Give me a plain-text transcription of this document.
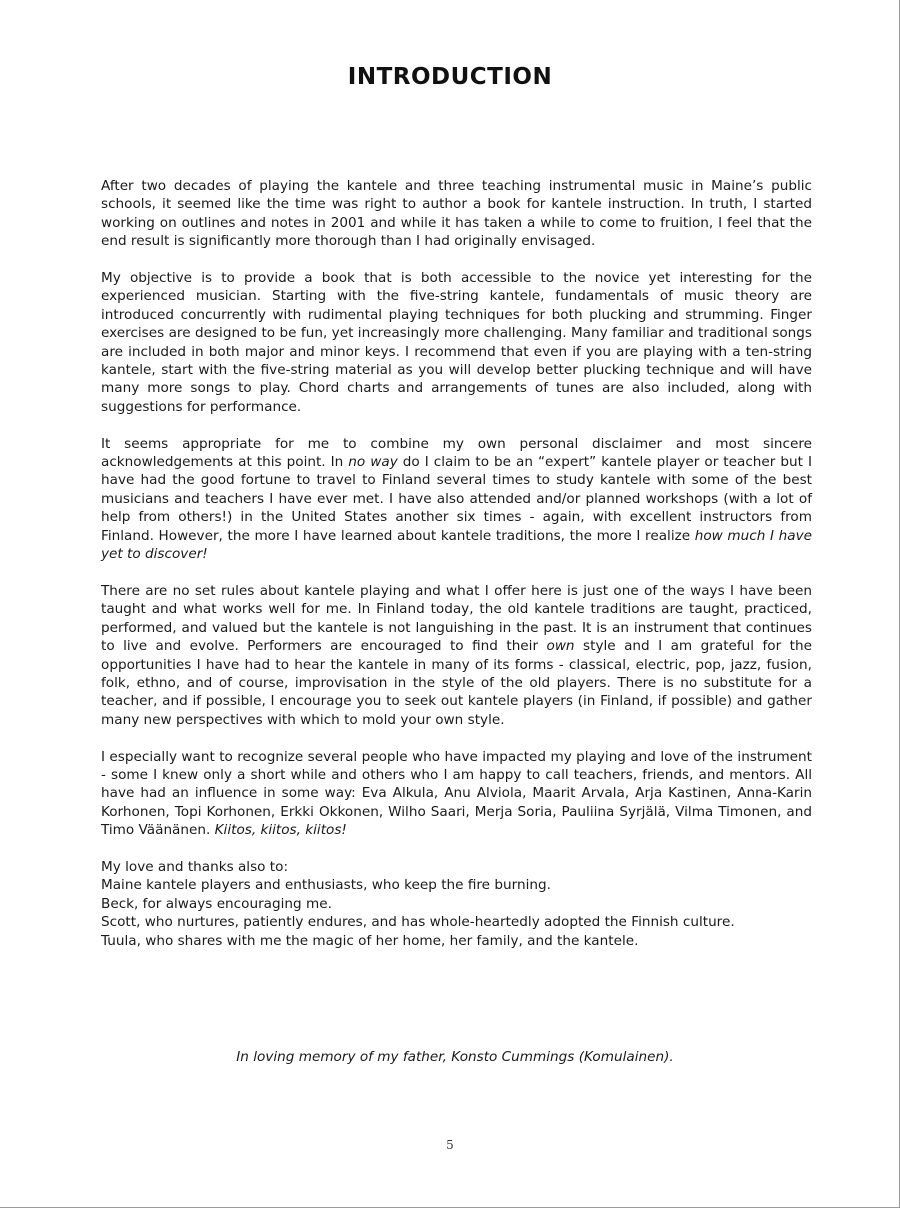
INTRODUCTION

After two decades of playing the kantele and three teaching instrumental music in Maine’s public schools, it seemed like the time was right to author a book for kantele instruction. In truth, I started working on outlines and notes in 2001 and while it has taken a while to come to fruition, I feel that the end result is significantly more thorough than I had originally envisaged.

My objective is to provide a book that is both accessible to the novice yet interesting for the experienced musician. Starting with the five-string kantele, fundamentals of music theory are introduced concurrently with rudimental playing techniques for both plucking and strumming. Finger exercises are designed to be fun, yet increasingly more challenging. Many familiar and traditional songs are included in both major and minor keys. I recommend that even if you are playing with a ten-string kantele, start with the five-string material as you will develop better plucking technique and will have many more songs to play. Chord charts and arrangements of tunes are also included, along with suggestions for performance.

It seems appropriate for me to combine my own personal disclaimer and most sincere acknowledgements at this point. In no way do I claim to be an “expert” kantele player or teacher but I have had the good fortune to travel to Finland several times to study kantele with some of the best musicians and teachers I have ever met. I have also attended and/or planned workshops (with a lot of help from others!) in the United States another six times - again, with excellent instructors from Finland. However, the more I have learned about kantele traditions, the more I realize how much I have yet to discover!

There are no set rules about kantele playing and what I offer here is just one of the ways I have been taught and what works well for me. In Finland today, the old kantele traditions are taught, practiced, performed, and valued but the kantele is not languishing in the past. It is an instrument that continues to live and evolve. Performers are encouraged to find their own style and I am grateful for the opportunities I have had to hear the kantele in many of its forms - classical, electric, pop, jazz, fusion, folk, ethno, and of course, improvisation in the style of the old players. There is no substitute for a teacher, and if possible, I encourage you to seek out kantele players (in Finland, if possible) and gather many new perspectives with which to mold your own style.

I especially want to recognize several people who have impacted my playing and love of the instrument - some I knew only a short while and others who I am happy to call teachers, friends, and mentors. All have had an influence in some way: Eva Alkula, Anu Alviola, Maarit Arvala, Arja Kastinen, Anna-Karin Korhonen, Topi Korhonen, Erkki Okkonen, Wilho Saari, Merja Soria, Pauliina Syrjälä, Vilma Timonen, and Timo Väänänen. Kiitos, kiitos, kiitos!

My love and thanks also to:
Maine kantele players and enthusiasts, who keep the fire burning.
Beck, for always encouraging me.
Scott, who nurtures, patiently endures, and has whole-heartedly adopted the Finnish culture.
Tuula, who shares with me the magic of her home, her family, and the kantele.
In loving memory of my father, Konsto Cummings (Komulainen).
5
